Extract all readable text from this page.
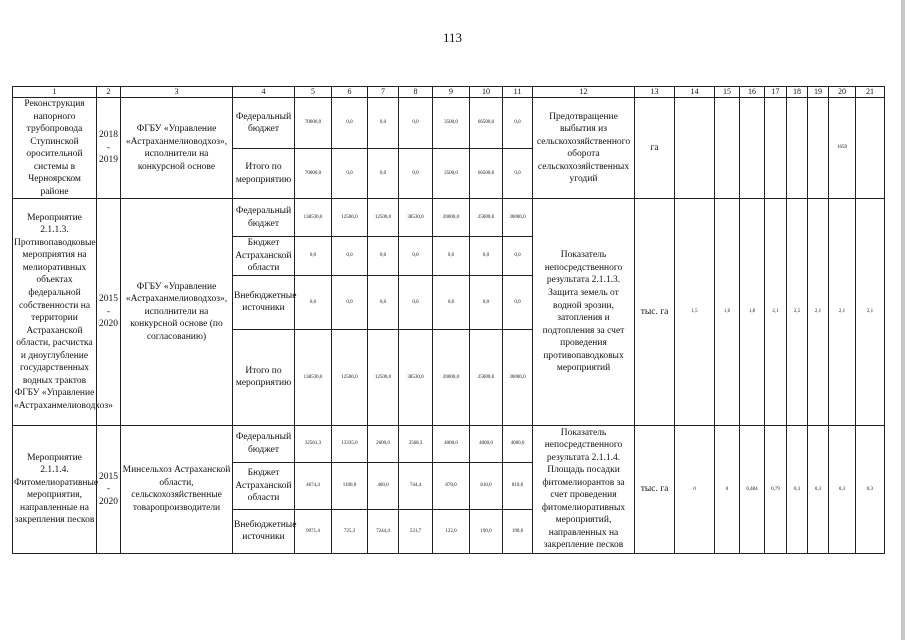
113
1	2	3	4	5	6	7	8	9	10	11	12	13	14	15	16	17	18	19	20	21
Реконструкция напорного трубопровода Ступинской оросительной системы в Черноярском районе	2018 - 2019	ФГБУ «Управление «Астраханмелиоводхоз», исполнители на конкурсной основе	Федеральный бюджет	70000,0	0,0	0,0	0,0	3500,0	66500,0	0,0	Предотвращение выбытия из сельскохозяйственного оборота сельскохозяйственных угодий	га							1659	
			Итого по мероприятию	70000,0	0,0	0,0	0,0	3500,0	66500,0	0,0										
Мероприятие 2.1.1.3. Противопаводковые мероприятия на мелиоративных объектах федеральной собственности на территории Астраханской области, расчистка и дноуглубление государственных водных трактов ФГБУ «Управление «Астраханмелиоводхоз»	2015 - 2020	ФГБУ «Управление «Астраханмелиоводхоз», исполнители на конкурсной основе (по согласованию)	Федеральный бюджет	138530,0	12500,0	12500,0	38530,0	20000,0	25000,0	30000,0	Показатель непосредственного результата 2.1.1.3. Защита земель от водной эрозии, затопления и подтопления за счет проведения противопаводковых мероприятий	тыс. га	1,5	1,6	1,8	2,1	2,5	2,1	2,1	2,1
			Бюджет Астраханской области	0,0	0,0	0,0	0,0	0,0	0,0	0,0										
			Внебюджетные источники	0,0	0,0	0,0	0,0	0,0	0,0	0,0										
			Итого по мероприятию	138530,0	12500,0	12500,0	38530,0	20000,0	25000,0	30000,0										
Мероприятие 2.1.1.4. Фитомелиоративные мероприятия, направленные на закрепления песков	2015 - 2020	Минсельхоз Астраханской области, сельскохозяйственные товаропроизводители	Федеральный бюджет	32501,3	13335,0	2600,0	3568,3	4000,0	4000,0	4000,0	Показатель непосредственного результата 2.1.1.4. Площадь посадки фитомелиорантов за счет проведения фитомелиоративных мероприятий, направленных на закрепление песков	тыс. га	0	0	0,484	0,79	0,3	0,3	0,3	0,3
			Бюджет Астраханской области	4674,4	1100,0	400,0	744,4	878,0	810,0	810,0										
			Внебюджетные источники	9971,4	725,3	7244,4	531,7	122,0	190,0	190,0										
